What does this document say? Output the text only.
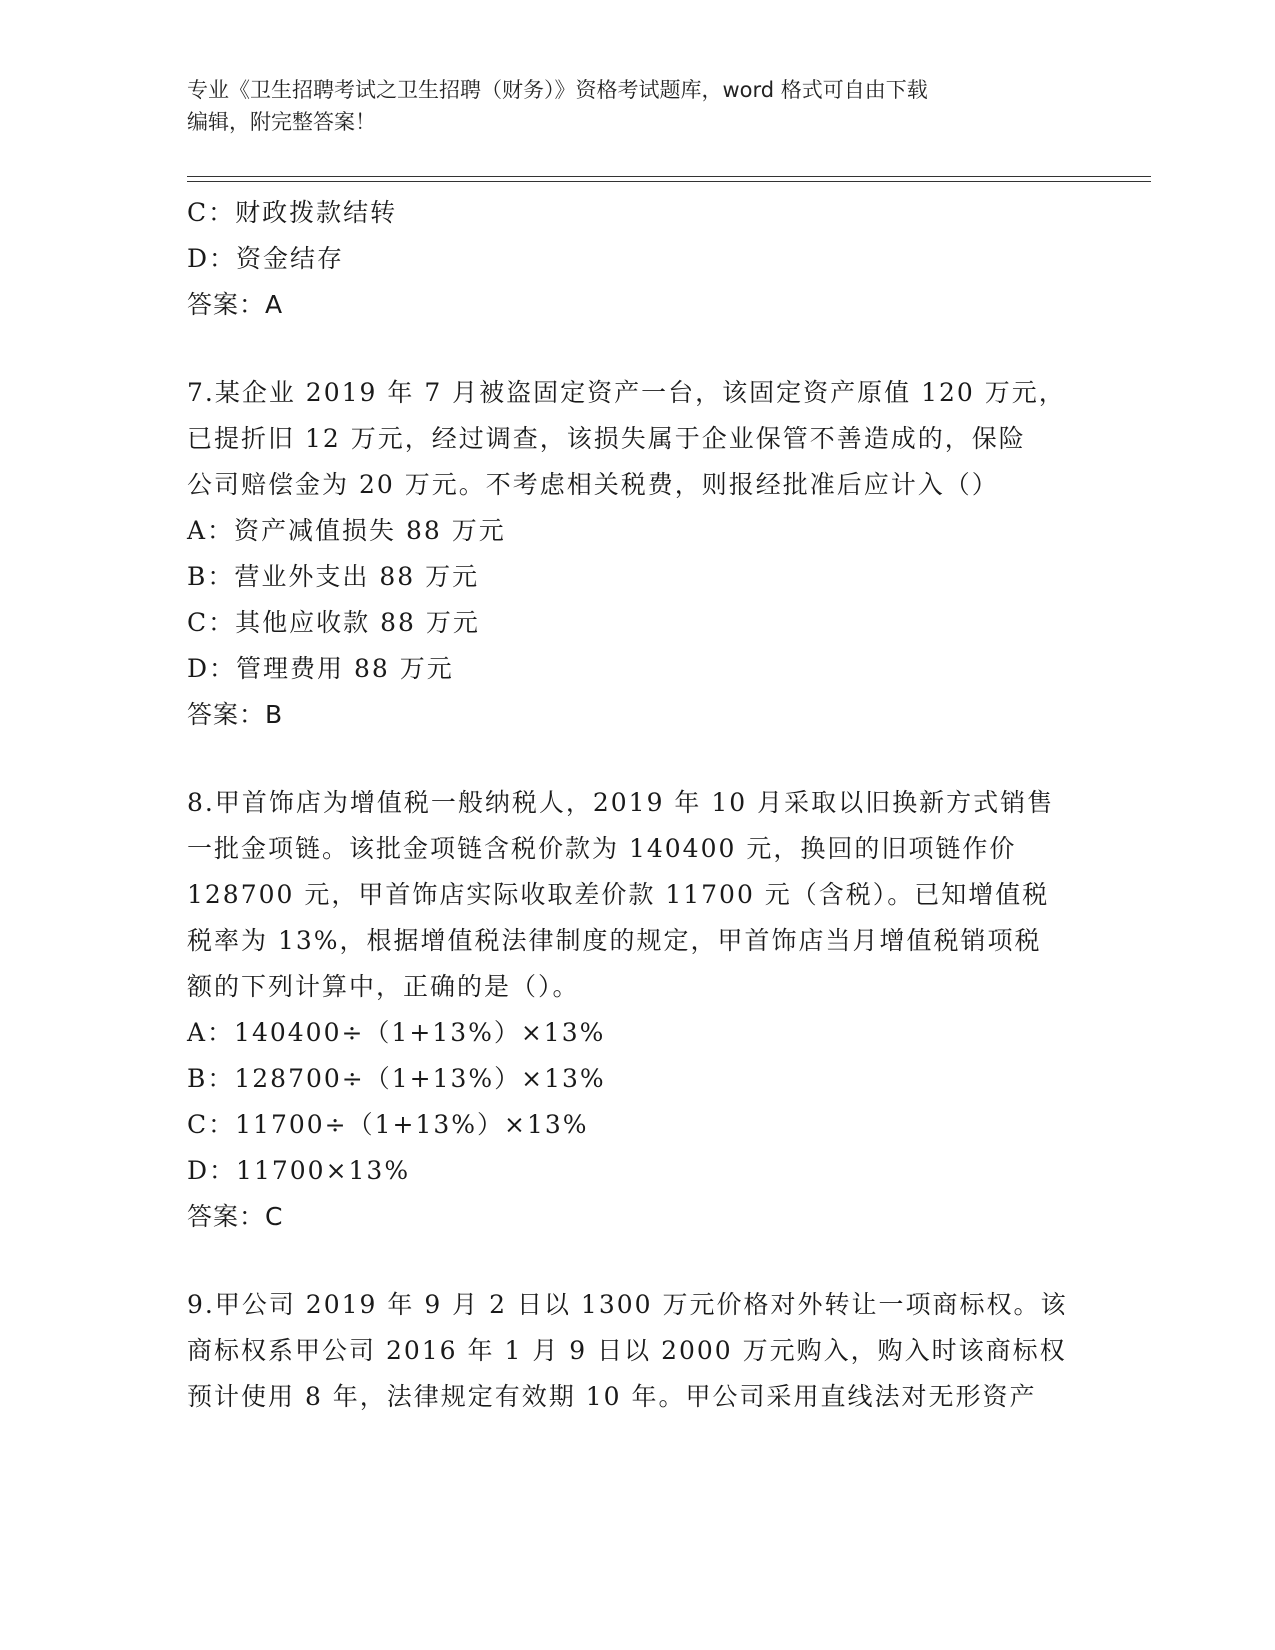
专业《卫生招聘考试之卫生招聘（财务）》资格考试题库，word 格式可自由下载
编辑，附完整答案！
C：财政拨款结转
D：资金结存
答案：A
7.某企业 2019 年 7 月被盗固定资产一台，该固定资产原值 120 万元，
已提折旧 12 万元，经过调查，该损失属于企业保管不善造成的，保险
公司赔偿金为 20 万元。不考虑相关税费，则报经批准后应计入（）
A：资产减值损失 88 万元
B：营业外支出 88 万元
C：其他应收款 88 万元
D：管理费用 88 万元
答案：B
8.甲首饰店为增值税一般纳税人，2019 年 10 月采取以旧换新方式销售
一批金项链。该批金项链含税价款为 140400 元，换回的旧项链作价
128700 元，甲首饰店实际收取差价款 11700 元（含税）。已知增值税
税率为 13%，根据增值税法律制度的规定，甲首饰店当月增值税销项税
额的下列计算中，正确的是（）。
A：140400÷（1+13%）×13%
B：128700÷（1+13%）×13%
C：11700÷（1+13%）×13%
D：11700×13%
答案：C
9.甲公司 2019 年 9 月 2 日以 1300 万元价格对外转让一项商标权。该
商标权系甲公司 2016 年 1 月 9 日以 2000 万元购入，购入时该商标权
预计使用 8 年，法律规定有效期 10 年。甲公司采用直线法对无形资产
